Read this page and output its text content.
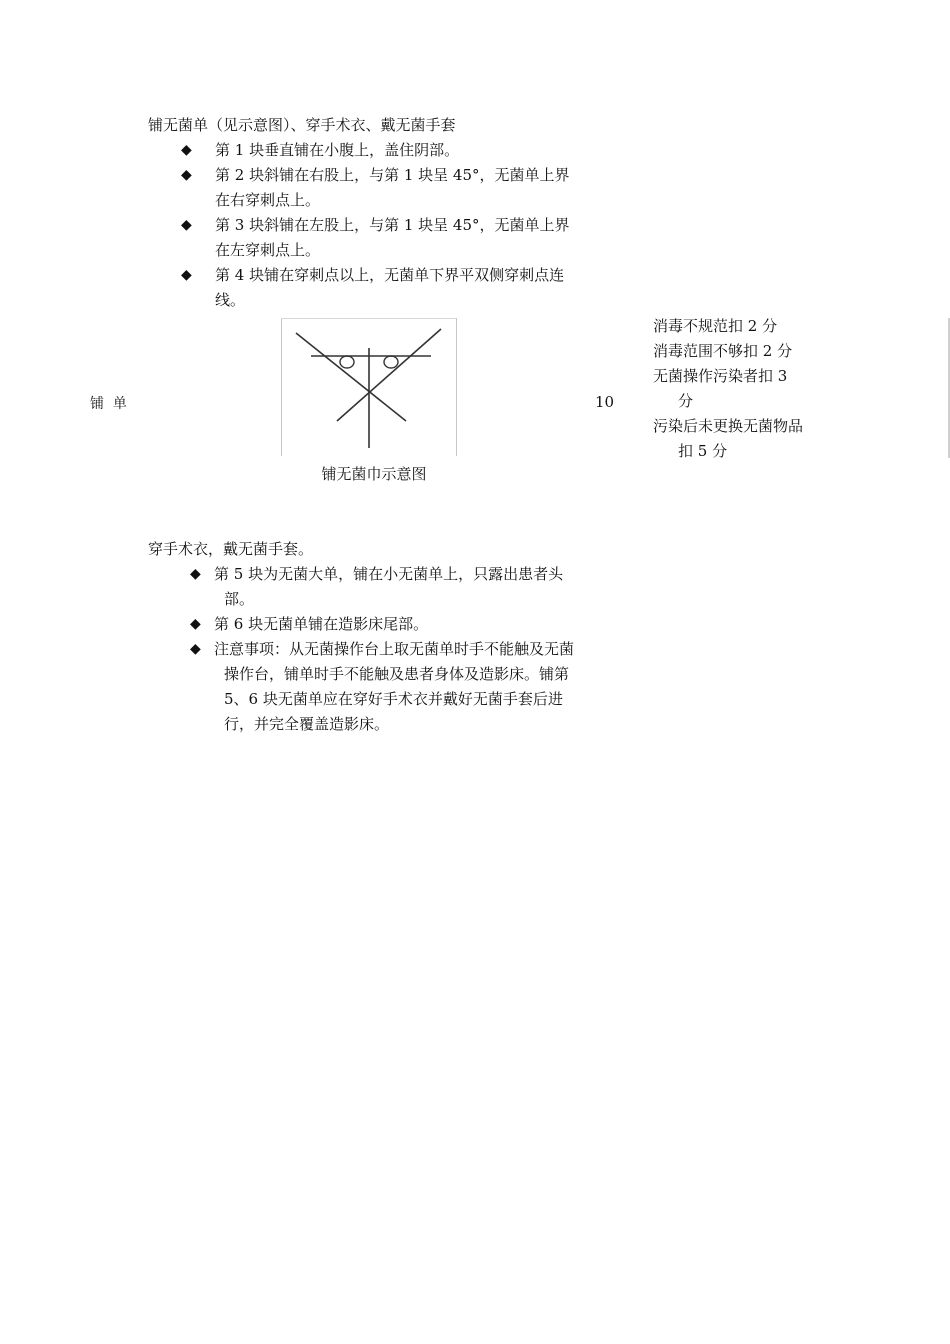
铺无菌单（见示意图）、穿手术衣、戴无菌手套
◆ 第 1 块垂直铺在小腹上，盖住阴部。
◆ 第 2 块斜铺在右股上，与第 1 块呈 45°，无菌单上界在右穿刺点上。
◆ 第 3 块斜铺在左股上，与第 1 块呈 45°，无菌单上界在左穿刺点上。
◆ 第 4 块铺在穿刺点以上，无菌单下界平双侧穿刺点连线。
铺  单
铺无菌巾示意图
10
消毒不规范扣 2 分
消毒范围不够扣 2 分
无菌操作污染者扣 3 分
污染后未更换无菌物品扣 5 分
穿手术衣，戴无菌手套。
◆ 第 5 块为无菌大单，铺在小无菌单上，只露出患者头部。
◆ 第 6 块无菌单铺在造影床尾部。
◆ 注意事项：从无菌操作台上取无菌单时手不能触及无菌操作台，铺单时手不能触及患者身体及造影床。铺第 5、6 块无菌单应在穿好手术衣并戴好无菌手套后进行，并完全覆盖造影床。
